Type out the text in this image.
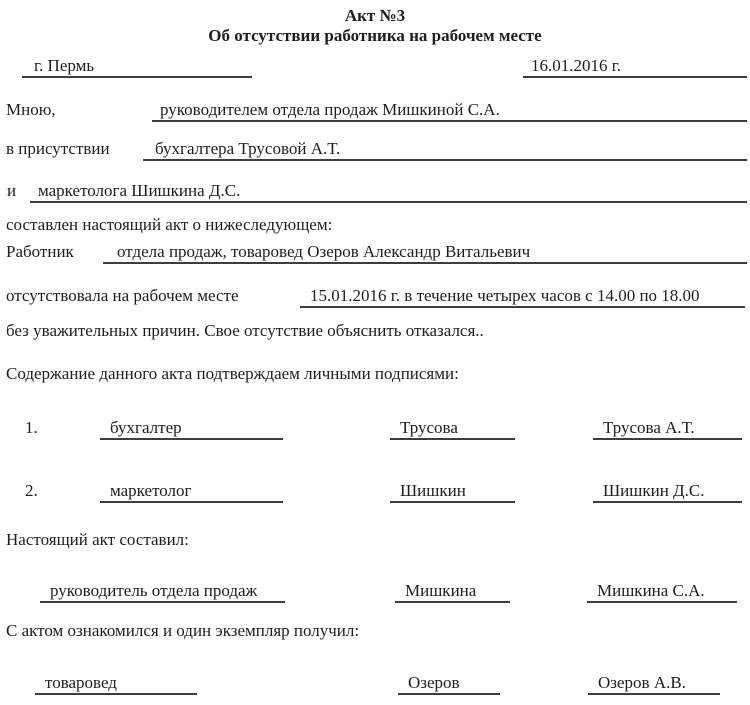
Акт №3
Об отсутствии работника на рабочем месте
г. Пермь	16.01.2016 г.
Мною,	руководителем отдела продаж Мишкиной С.А.
в присутствии	бухгалтера Трусовой А.Т.
и	маркетолога Шишкина Д.С.
составлен настоящий акт о нижеследующем:
Работник	отдела продаж, товаровед Озеров Александр Витальевич
отсутствовала на рабочем месте	15.01.2016 г. в течение четырех часов с 14.00 по 18.00
без уважительных причин. Свое отсутствие объяснить отказался..
Содержание данного акта подтверждаем личными подписями:
1.	бухгалтер	Трусова	Трусова А.Т.
2.	маркетолог	Шишкин	Шишкин Д.С.
Настоящий акт составил:
руководитель отдела продаж	Мишкина	Мишкина С.А.
С актом ознакомился и один экземпляр получил:
товаровед	Озеров	Озеров А.В.
